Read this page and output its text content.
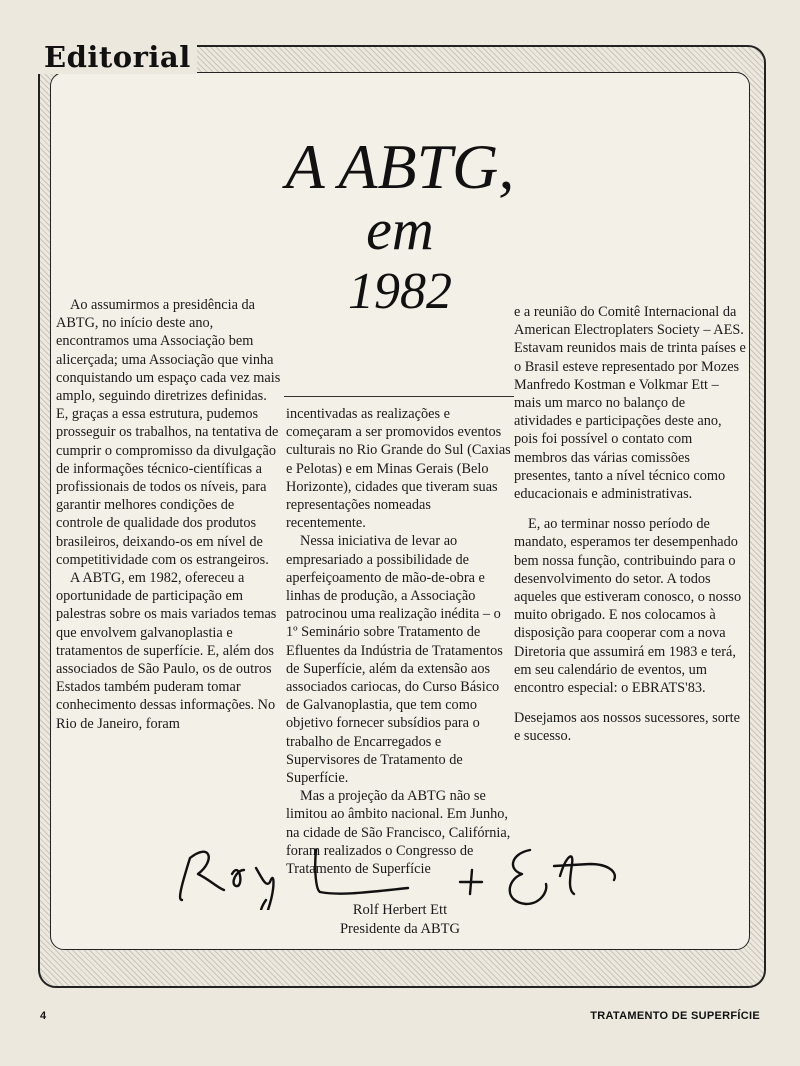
Editorial
A ABTG,
em
1982

Ao assumirmos a presidência da ABTG, no início deste ano, encontramos uma Associação bem alicerçada; uma Associação que vinha conquistando um espaço cada vez mais amplo, seguindo diretrizes definidas. E, graças a essa estrutura, pudemos prosseguir os trabalhos, na tentativa de cumprir o compromisso da divulgação de informações técnico-científicas a profissionais de todos os níveis, para garantir melhores condições de controle de qualidade dos produtos brasileiros, deixando-os em nível de competitividade com os estrangeiros.

A ABTG, em 1982, ofereceu a oportunidade de participação em palestras sobre os mais variados temas que envolvem galvanoplastia e tratamentos de superfície. E, além dos associados de São Paulo, os de outros Estados também puderam tomar conhecimento dessas informações. No Rio de Janeiro, foram

incentivadas as realizações e começaram a ser promovidos eventos culturais no Rio Grande do Sul (Caxias e Pelotas) e em Minas Gerais (Belo Horizonte), cidades que tiveram suas representações nomeadas recentemente.

Nessa iniciativa de levar ao empresariado a possibilidade de aperfeiçoamento de mão-de-obra e linhas de produção, a Associação patrocinou uma realização inédita – o 1º Seminário sobre Tratamento de Efluentes da Indústria de Tratamentos de Superfície, além da extensão aos associados cariocas, do Curso Básico de Galvanoplastia, que tem como objetivo fornecer subsídios para o trabalho de Encarregados e Supervisores de Tratamento de Superfície.

Mas a projeção da ABTG não se limitou ao âmbito nacional. Em Junho, na cidade de São Francisco, Califórnia, foram realizados o Congresso de Tratamento de Superfície

e a reunião do Comitê Internacional da American Electroplaters Society – AES. Estavam reunidos mais de trinta países e o Brasil esteve representado por Mozes Manfredo Kostman e Volkmar Ett – mais um marco no balanço de atividades e participações deste ano, pois foi possível o contato com membros das várias comissões presentes, tanto a nível técnico como educacionais e administrativas.

E, ao terminar nosso período de mandato, esperamos ter desempenhado bem nossa função, contribuindo para o desenvolvimento do setor. A todos aqueles que estiveram conosco, o nosso muito obrigado. E nos colocamos à disposição para cooperar com a nova Diretoria que assumirá em 1983 e terá, em seu calendário de eventos, um encontro especial: o EBRATS'83.

Desejamos aos nossos sucessores, sorte e sucesso.

Rolf Herbert Ett
Presidente da ABTG
4	TRATAMENTO DE SUPERFÍCIE
